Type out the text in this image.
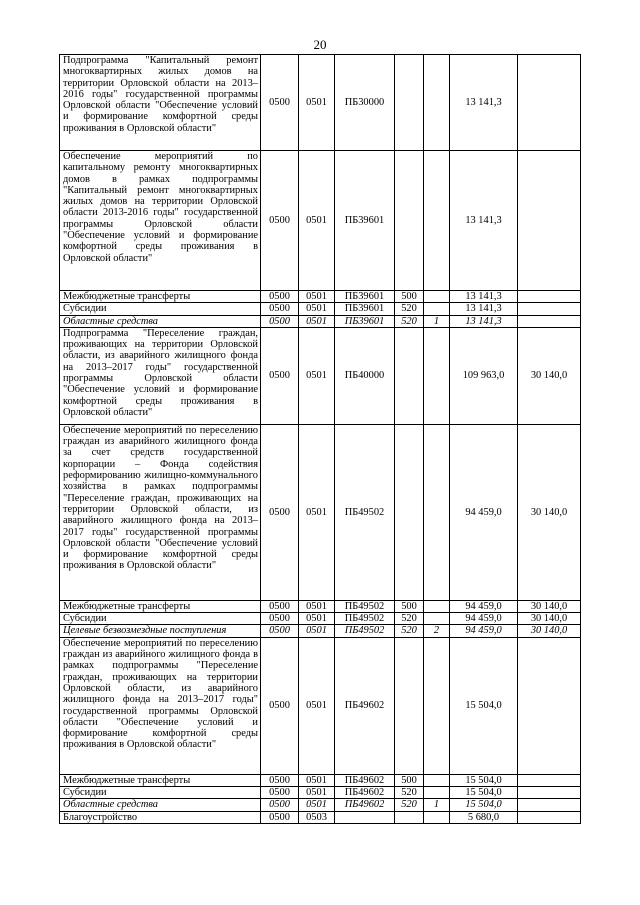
20
Подпрограмма "Капитальный ремонт многоквартирных жилых домов на территории Орловской области на 2013–2016 годы" государственной программы Орловской области "Обеспечение условий и формирование комфортной среды проживания в Орловской области"	0500	0501	ПБ30000			13 141,3	
Обеспечение мероприятий по капитальному ремонту многоквартирных домов в рамках подпрограммы "Капитальный ремонт многоквартирных жилых домов на территории Орловской области 2013-2016 годы" государственной программы Орловской области "Обеспечение условий и формирование комфортной среды проживания в Орловской области"	0500	0501	ПБ39601			13 141,3	
Межбюджетные трансферты	0500	0501	ПБ39601	500		13 141,3	
Субсидии	0500	0501	ПБ39601	520		13 141,3	
Областные средства	0500	0501	ПБ39601	520	1	13 141,3	
Подпрограмма "Переселение граждан, проживающих на территории Орловской области, из аварийного жилищного фонда на 2013–2017 годы" государственной программы Орловской области "Обеспечение условий и формирование комфортной среды проживания в Орловской области"	0500	0501	ПБ40000			109 963,0	30 140,0
Обеспечение мероприятий по переселению граждан из аварийного жилищного фонда за счет средств государственной корпорации – Фонда содействия реформированию жилищно-коммунального хозяйства в рамках подпрограммы "Переселение граждан, проживающих на территории Орловской области, из аварийного жилищного фонда на 2013–2017 годы" государственной программы Орловской области "Обеспечение условий и формирование комфортной среды проживания в Орловской области"	0500	0501	ПБ49502			94 459,0	30 140,0
Межбюджетные трансферты	0500	0501	ПБ49502	500		94 459,0	30 140,0
Субсидии	0500	0501	ПБ49502	520		94 459,0	30 140,0
Целевые безвозмездные поступления	0500	0501	ПБ49502	520	2	94 459,0	30 140,0
Обеспечение мероприятий по переселению граждан из аварийного жилищного фонда в рамках подпрограммы "Переселение граждан, проживающих на территории Орловской области, из аварийного жилищного фонда на 2013–2017 годы" государственной программы Орловской области "Обеспечение условий и формирование комфортной среды проживания в Орловской области"	0500	0501	ПБ49602			15 504,0	
Межбюджетные трансферты	0500	0501	ПБ49602	500		15 504,0	
Субсидии	0500	0501	ПБ49602	520		15 504,0	
Областные средства	0500	0501	ПБ49602	520	1	15 504,0	
Благоустройство	0500	0503				5 680,0	
